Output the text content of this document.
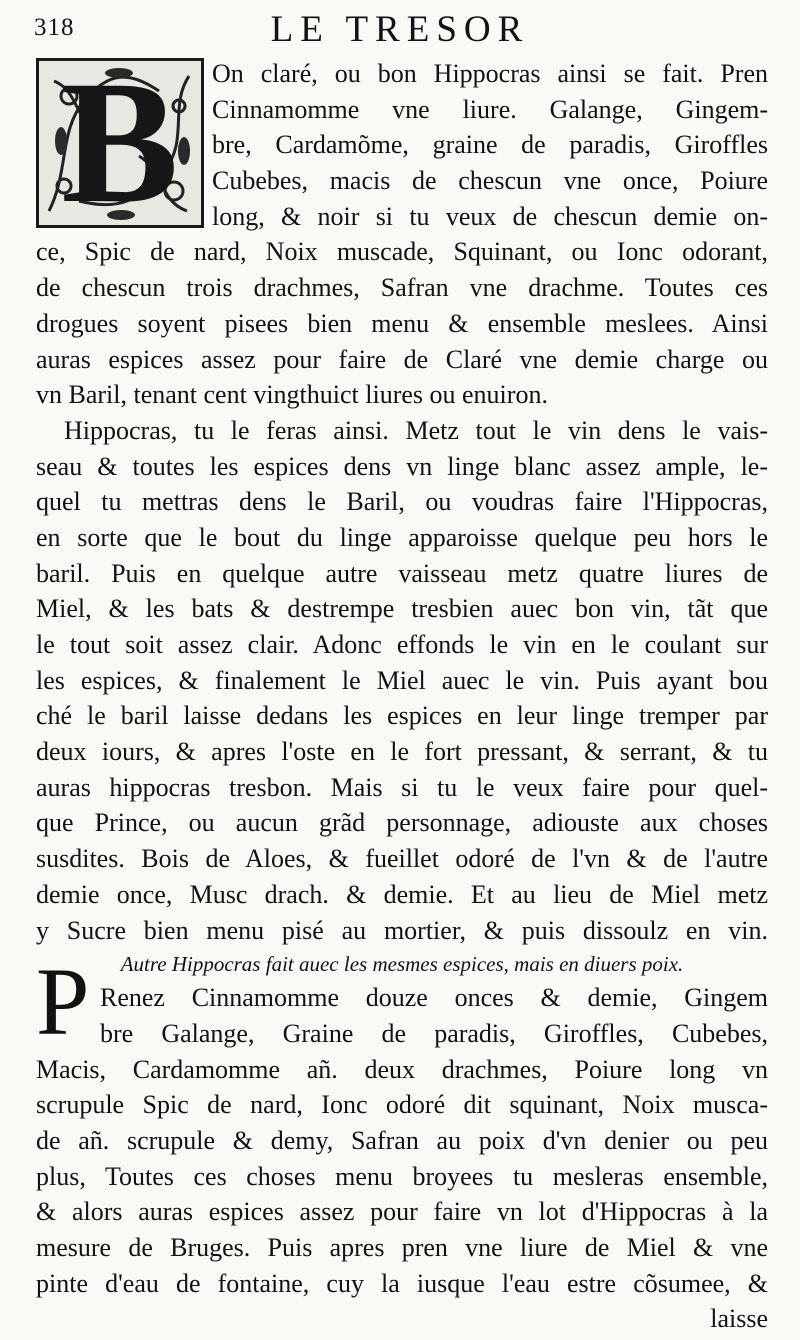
318	LE TRESOR
B	On claré, ou bon Hippocras ainsi se fait. Pren
Cinnamomme vne liure. Galange, Gingem-
bre, Cardamõme, graine de paradis, Giroffles
Cubebes, macis de chescun vne once, Poiure
long, & noir si tu veux de chescun demie on-
ce, Spic de nard, Noix muscade, Squinant, ou Ionc odorant,
de chescun trois drachmes, Safran vne drachme. Toutes ces
drogues soyent pisees bien menu & ensemble meslees. Ainsi
auras espices assez pour faire de Claré vne demie charge ou
vn Baril, tenant cent vingthuict liures ou enuiron.
Hippocras, tu le feras ainsi. Metz tout le vin dens le vais-
seau & toutes les espices dens vn linge blanc assez ample, le-
quel tu mettras dens le Baril, ou voudras faire l'Hippocras,
en sorte que le bout du linge apparoisse quelque peu hors le
baril. Puis en quelque autre vaisseau metz quatre liures de
Miel, & les bats & destrempe tresbien auec bon vin, tãt que
le tout soit assez clair. Adonc effonds le vin en le coulant sur
les espices, & finalement le Miel auec le vin. Puis ayant bou
ché le baril laisse dedans les espices en leur linge tremper par
deux iours, & apres l'oste en le fort pressant, & serrant, & tu
auras hippocras tresbon. Mais si tu le veux faire pour quel-
que Prince, ou aucun grãd personnage, adiouste aux choses
susdites. Bois de Aloes, & fueillet odoré de l'vn & de l'autre
demie once, Musc drach. & demie. Et au lieu de Miel metz
y Sucre bien menu pisé au mortier, & puis dissoulz en vin.
Autre Hippocras fait auec les mesmes espices, mais en diuers poix.
Renez Cinnamomme douze onces & demie, Gingem
bre Galange, Graine de paradis, Giroffles, Cubebes,
Macis, Cardamomme añ. deux drachmes, Poiure long vn
scrupule Spic de nard, Ionc odoré dit squinant, Noix musca-
de añ. scrupule & demy, Safran au poix d'vn denier ou peu
plus, Toutes ces choses menu broyees tu mesleras ensemble,
& alors auras espices assez pour faire vn lot d'Hippocras à la
mesure de Bruges. Puis apres pren vne liure de Miel & vne
pinte d'eau de fontaine, cuy la iusque l'eau estre cõsumee, &
laisse
P
